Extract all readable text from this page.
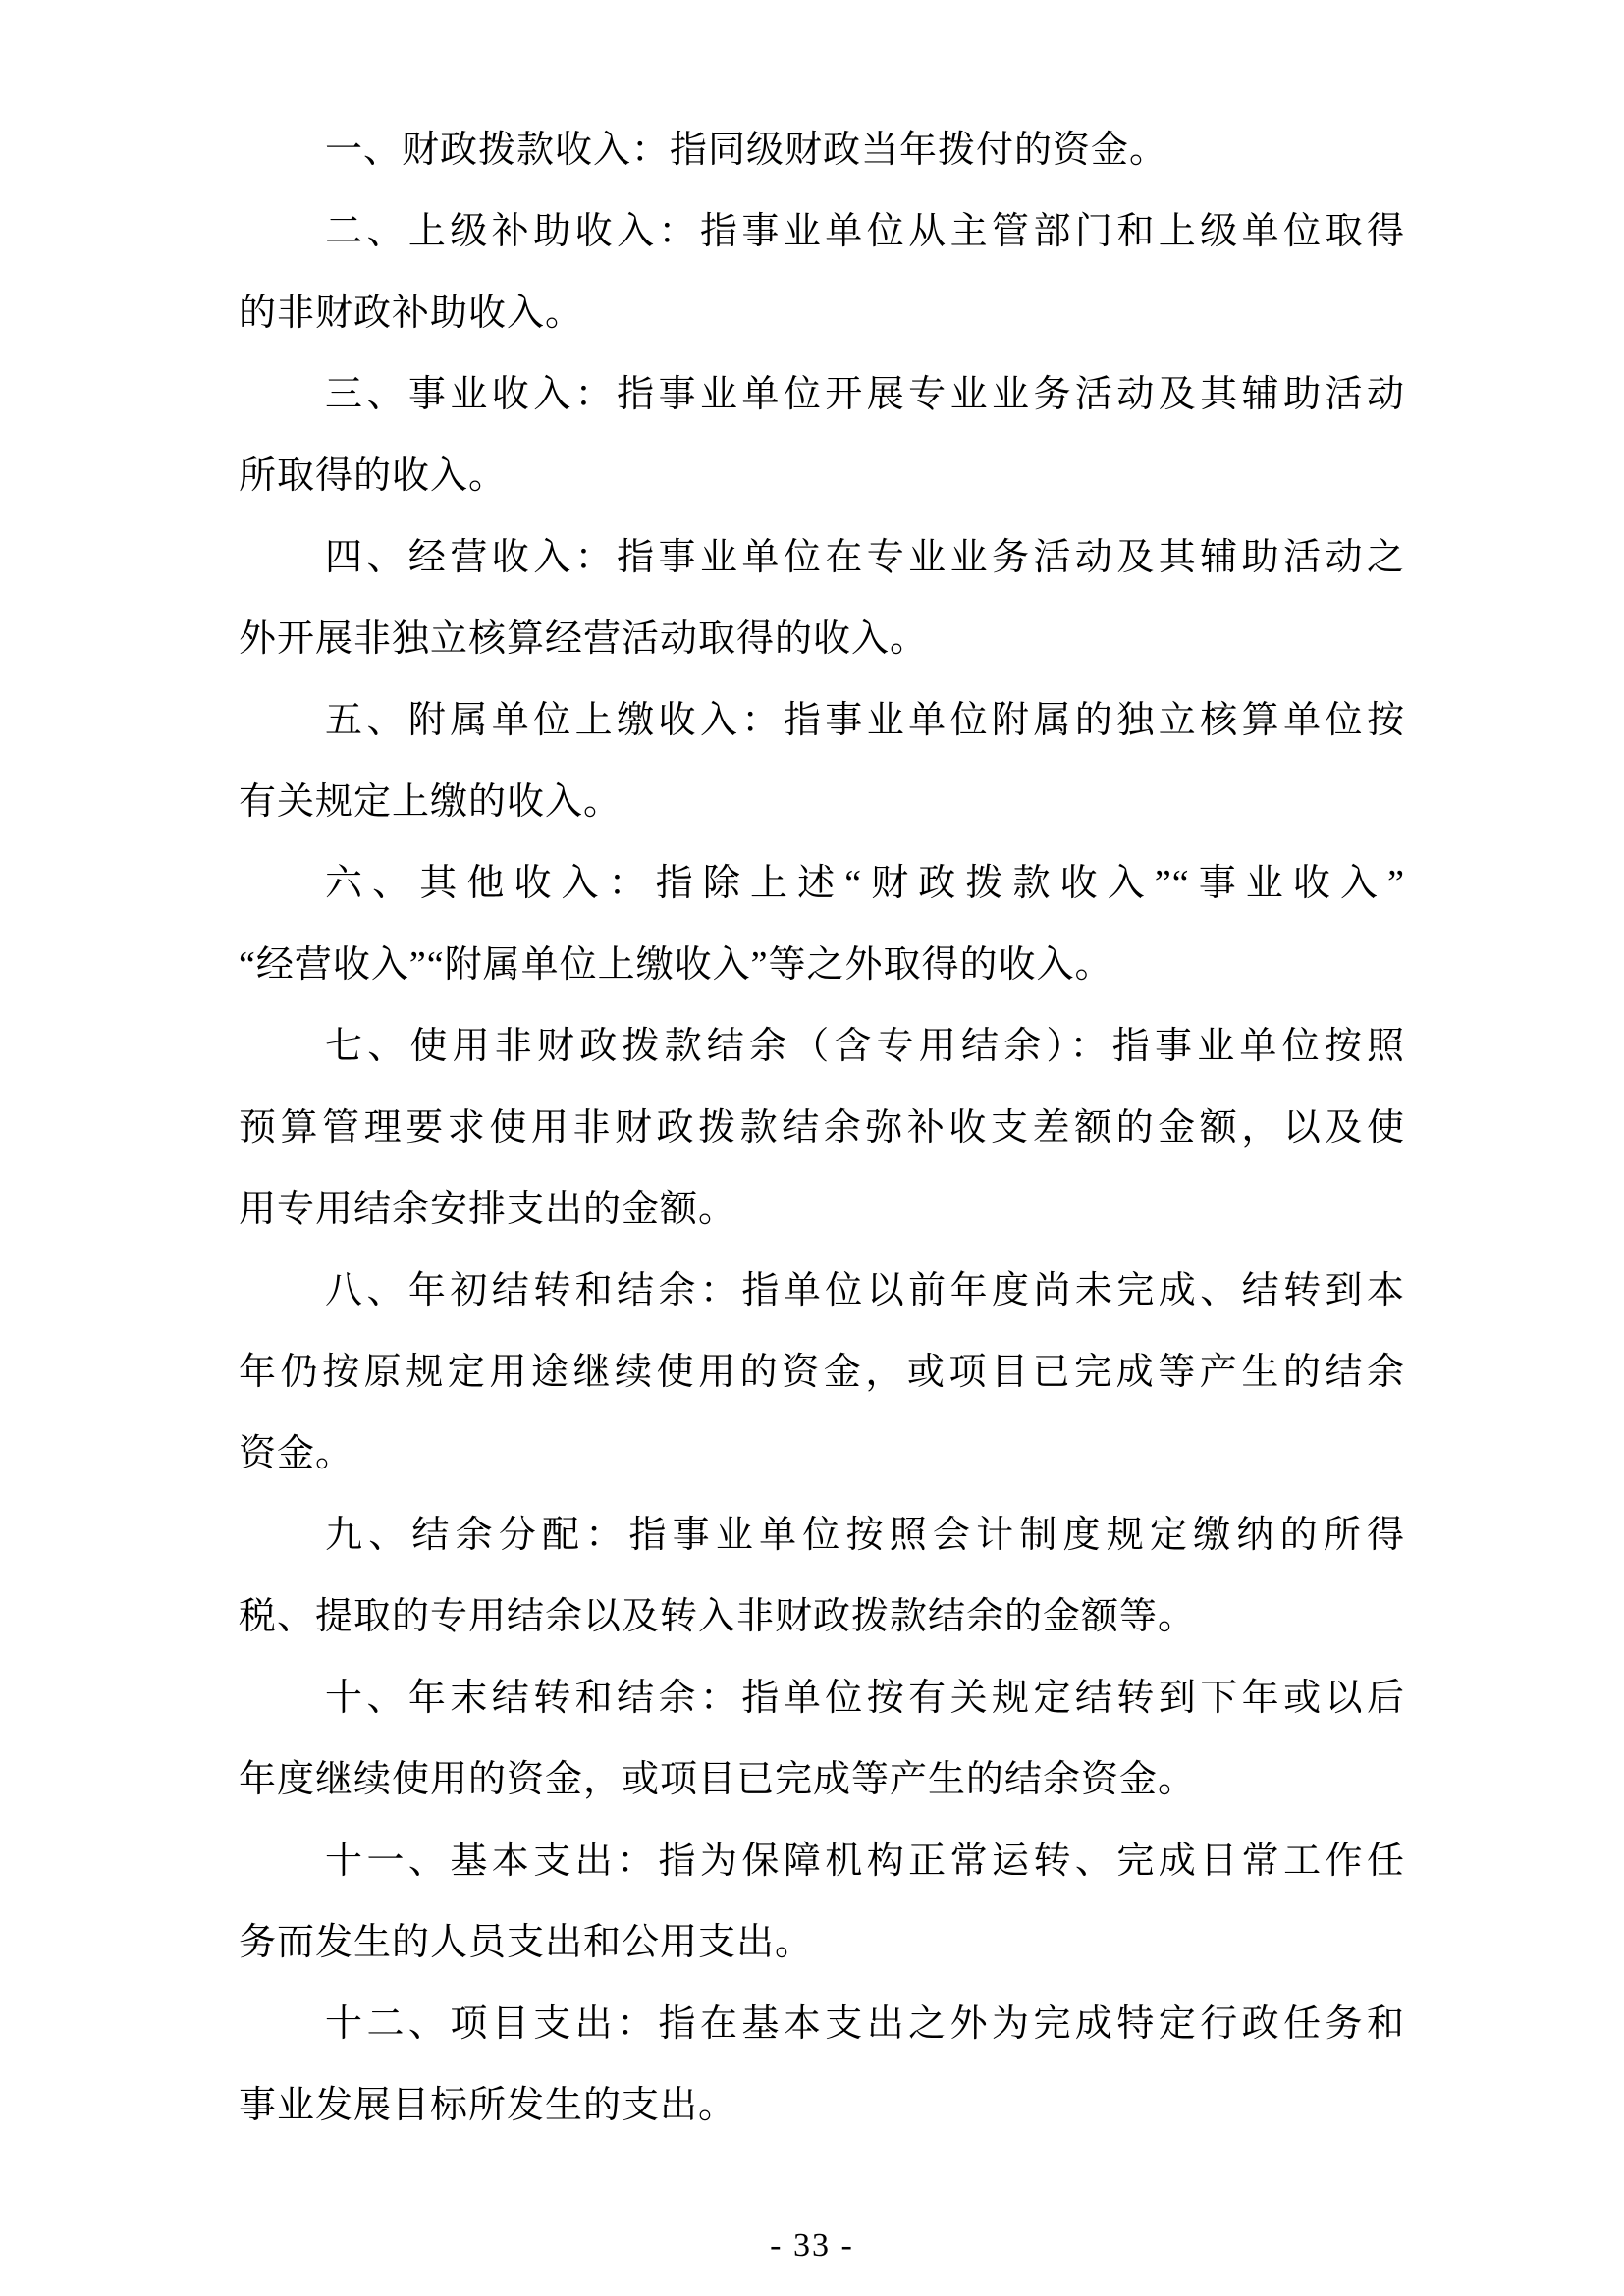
一、财政拨款收入：指同级财政当年拨付的资金。
二、上级补助收入：指事业单位从主管部门和上级单位取得
的非财政补助收入。
三、事业收入：指事业单位开展专业业务活动及其辅助活动
所取得的收入。
四、经营收入：指事业单位在专业业务活动及其辅助活动之
外开展非独立核算经营活动取得的收入。
五、附属单位上缴收入：指事业单位附属的独立核算单位按
有关规定上缴的收入。
六、其他收入：指除上述“财政拨款收入”“事业收入”
“经营收入”“附属单位上缴收入”等之外取得的收入。
七、使用非财政拨款结余（含专用结余）：指事业单位按照
预算管理要求使用非财政拨款结余弥补收支差额的金额，以及使
用专用结余安排支出的金额。
八、年初结转和结余：指单位以前年度尚未完成、结转到本
年仍按原规定用途继续使用的资金，或项目已完成等产生的结余
资金。
九、结余分配：指事业单位按照会计制度规定缴纳的所得
税、提取的专用结余以及转入非财政拨款结余的金额等。
十、年末结转和结余：指单位按有关规定结转到下年或以后
年度继续使用的资金，或项目已完成等产生的结余资金。
十一、基本支出：指为保障机构正常运转、完成日常工作任
务而发生的人员支出和公用支出。
十二、项目支出：指在基本支出之外为完成特定行政任务和
事业发展目标所发生的支出。
- 33 -
